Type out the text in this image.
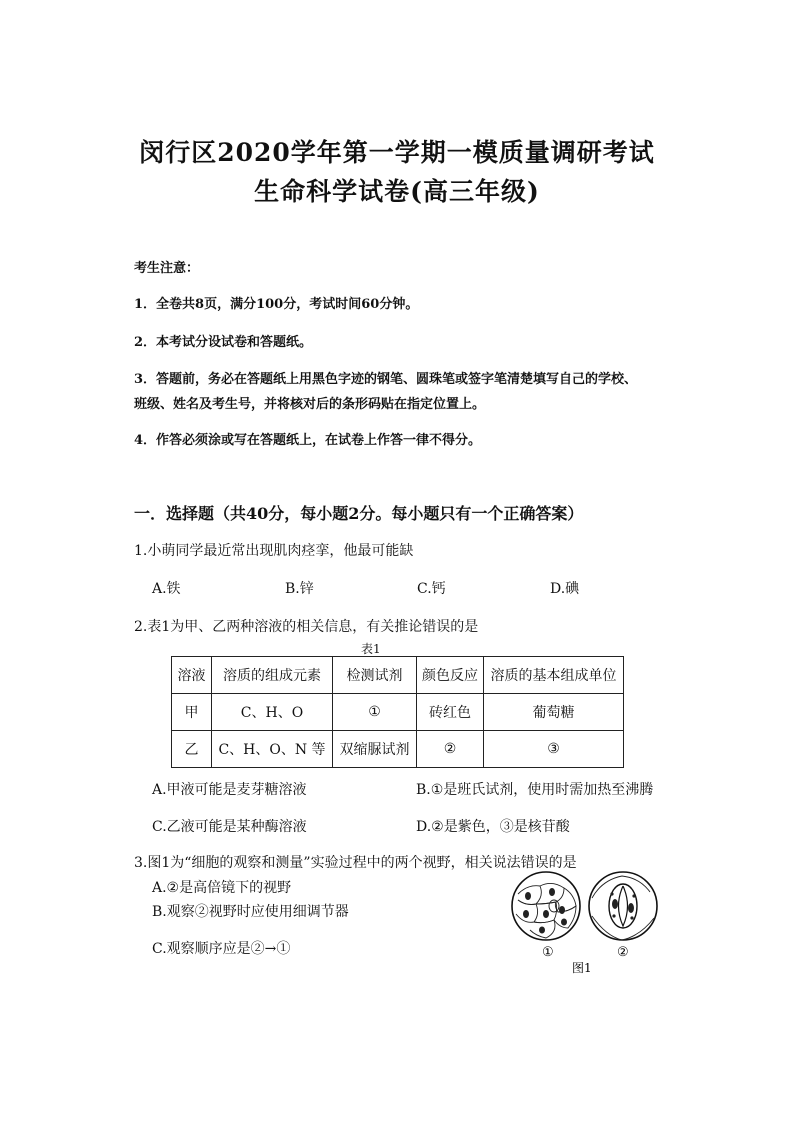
闵行区2020学年第一学期一模质量调研考试
生命科学试卷(高三年级)
考生注意：
1．全卷共8页，满分100分，考试时间60分钟。
2．本考试分设试卷和答题纸。
3．答题前，务必在答题纸上用黑色字迹的钢笔、圆珠笔或签字笔清楚填写自己的学校、
班级、姓名及考生号，并将核对后的条形码贴在指定位置上。
4．作答必须涂或写在答题纸上，在试卷上作答一律不得分。
一．选择题（共40分，每小题2分。每小题只有一个正确答案）
1.小萌同学最近常出现肌肉痉挛，他最可能缺
A.铁	B.锌	C.钙	D.碘
2.表1为甲、乙两种溶液的相关信息，有关推论错误的是
表1
溶液	溶质的组成元素	检测试剂	颜色反应	溶质的基本组成单位
甲	C、H、O	①	砖红色	葡萄糖
乙	C、H、O、N 等	双缩脲试剂	②	③
A.甲液可能是麦芽糖溶液	B.①是班氏试剂，使用时需加热至沸腾
C.乙液可能是某种酶溶液	D.②是紫色，③是核苷酸
3.图1为“细胞的观察和测量”实验过程中的两个视野，相关说法错误的是
A.②是高倍镜下的视野
B.观察②视野时应使用细调节器
C.观察顺序应是②→①	①	②
图1
